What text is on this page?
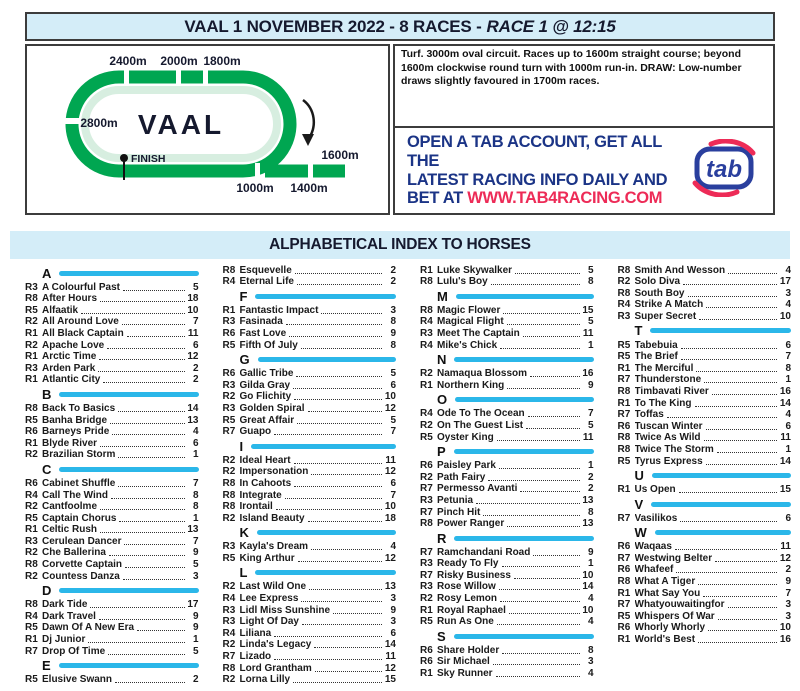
VAAL 1 NOVEMBER 2022 - 8 RACES - RACE 1 @ 12:15
VAAL
FINISH
2400m 2000m 1800m
2800m
1600m
1000m 1400m
Turf. 3000m oval circuit. Races up to 1600m straight course; beyond 1600m clockwise round turn with 1000m run-in. DRAW: Low-number draws slightly favoured in 1700m races.
OPEN A TAB ACCOUNT, GET ALL THE
LATEST RACING INFO DAILY AND
BET AT WWW.TAB4RACING.COM
tab
ALPHABETICAL INDEX TO HORSES
A
R3 A Colourful Past	5
R8 After Hours	18
R5 Alfaatik	10
R2 All Around Love	7
R1 All Black Captain	11
R2 Apache Love	6
R1 Arctic Time	12
R3 Arden Park	2
R1 Atlantic City	2
B
R8 Back To Basics	14
R5 Banha Bridge	13
R6 Barneys Pride	4
R1 Blyde River	6
R2 Brazilian Storm	1
C
R6 Cabinet Shuffle	7
R4 Call The Wind	8
R2 Cantfoolme	8
R5 Captain Chorus	1
R1 Celtic Rush	13
R3 Cerulean Dancer	7
R2 Che Ballerina	9
R8 Corvette Captain	5
R2 Countess Danza	3
D
R8 Dark Tide	17
R4 Dark Travel	9
R5 Dawn Of A New Era	9
R1 Dj Junior	1
R7 Drop Of Time	5
E
R5 Elusive Swann	2
R8 Esquevelle	2
R4 Eternal Life	2
F
R1 Fantastic Impact	3
R3 Fasinada	8
R6 Fast Love	9
R5 Fifth Of July	8
G
R6 Gallic Tribe	5
R3 Gilda Gray	6
R2 Go Flichity	10
R3 Golden Spiral	12
R5 Great Affair	5
R7 Guapo	7
I
R2 Ideal Heart	11
R2 Impersonation	12
R8 In Cahoots	6
R8 Integrate	7
R8 Irontail	10
R2 Island Beauty	18
K
R3 Kayla's Dream	4
R5 King Arthur	12
L
R2 Last Wild One	13
R4 Lee Express	3
R3 Lidl Miss Sunshine	9
R3 Light Of Day	3
R4 Liliana	6
R2 Linda's Legacy	14
R7 Lizado	11
R8 Lord Grantham	12
R2 Lorna Lilly	15
R1 Luke Skywalker	5
R8 Lulu's Boy	8
M
R8 Magic Flower	15
R4 Magical Flight	5
R3 Meet The Captain	11
R4 Mike's Chick	1
N
R2 Namaqua Blossom	16
R1 Northern King	9
O
R4 Ode To The Ocean	7
R2 On The Guest List	5
R5 Oyster King	11
P
R6 Paisley Park	1
R2 Path Fairy	2
R7 Permesso Avanti	2
R3 Petunia	13
R7 Pinch Hit	8
R8 Power Ranger	13
R
R7 Ramchandani Road	9
R3 Ready To Fly	1
R7 Risky Business	10
R3 Rose Willow	14
R2 Rosy Lemon	4
R1 Royal Raphael	10
R5 Run As One	4
S
R6 Share Holder	8
R6 Sir Michael	3
R1 Sky Runner	4
R8 Smith And Wesson	4
R2 Solo Diva	17
R8 South Boy	3
R4 Strike A Match	4
R3 Super Secret	10
T
R5 Tabebuia	6
R5 The Brief	7
R1 The Merciful	8
R7 Thunderstone	1
R8 Timbavati River	16
R1 To The King	14
R7 Toffas	4
R6 Tuscan Winter	6
R8 Twice As Wild	11
R8 Twice The Storm	1
R5 Tyrus Express	14
U
R1 Us Open	15
V
R7 Vasilikos	6
W
R6 Waqaas	11
R7 Westwing Belter	12
R6 Whafeef	2
R8 What A Tiger	9
R1 What Say You	7
R7 Whatyouwaitingfor	3
R5 Whispers Of War	3
R6 Whorly Whorly	10
R1 World's Best	16
